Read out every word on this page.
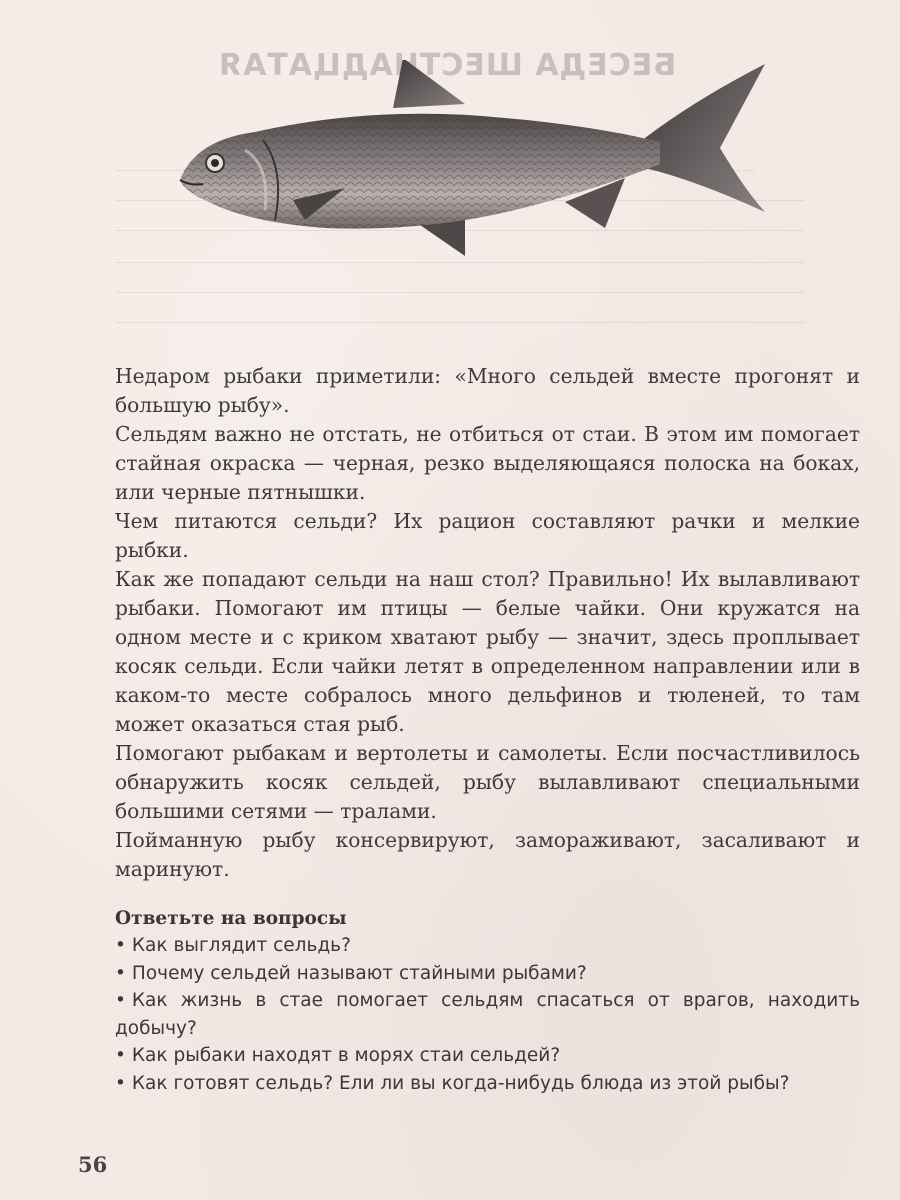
БЕСЕДА ШЕСТНАДЦАТАЯ

Недаром рыбаки приметили: «Много сельдей вместе прогонят и большую рыбу».

Сельдям важно не отстать, не отбиться от стаи. В этом им помогает стайная окраска — черная, резко выделяющаяся полоска на боках, или черные пятнышки.

Чем питаются сельди? Их рацион составляют рачки и мелкие рыбки.

Как же попадают сельди на наш стол? Правильно! Их вылавливают рыбаки. Помогают им птицы — белые чайки. Они кружатся на одном месте и с криком хватают рыбу — значит, здесь проплывает косяк сельди. Если чайки летят в определенном направлении или в каком-то месте собралось много дельфинов и тюленей, то там может оказаться стая рыб.

Помогают рыбакам и вертолеты и самолеты. Если посчастливилось обнаружить косяк сельдей, рыбу вылавливают специальными большими сетями — тралами.

Пойманную рыбу консервируют, замораживают, засаливают и маринуют.

Ответьте на вопросы

• Как выглядит сельдь?
• Почему сельдей называют стайными рыбами?
• Как жизнь в стае помогает сельдям спасаться от врагов, находить добычу?
• Как рыбаки находят в морях стаи сельдей?
• Как готовят сельдь? Ели ли вы когда-нибудь блюда из этой рыбы?
56
